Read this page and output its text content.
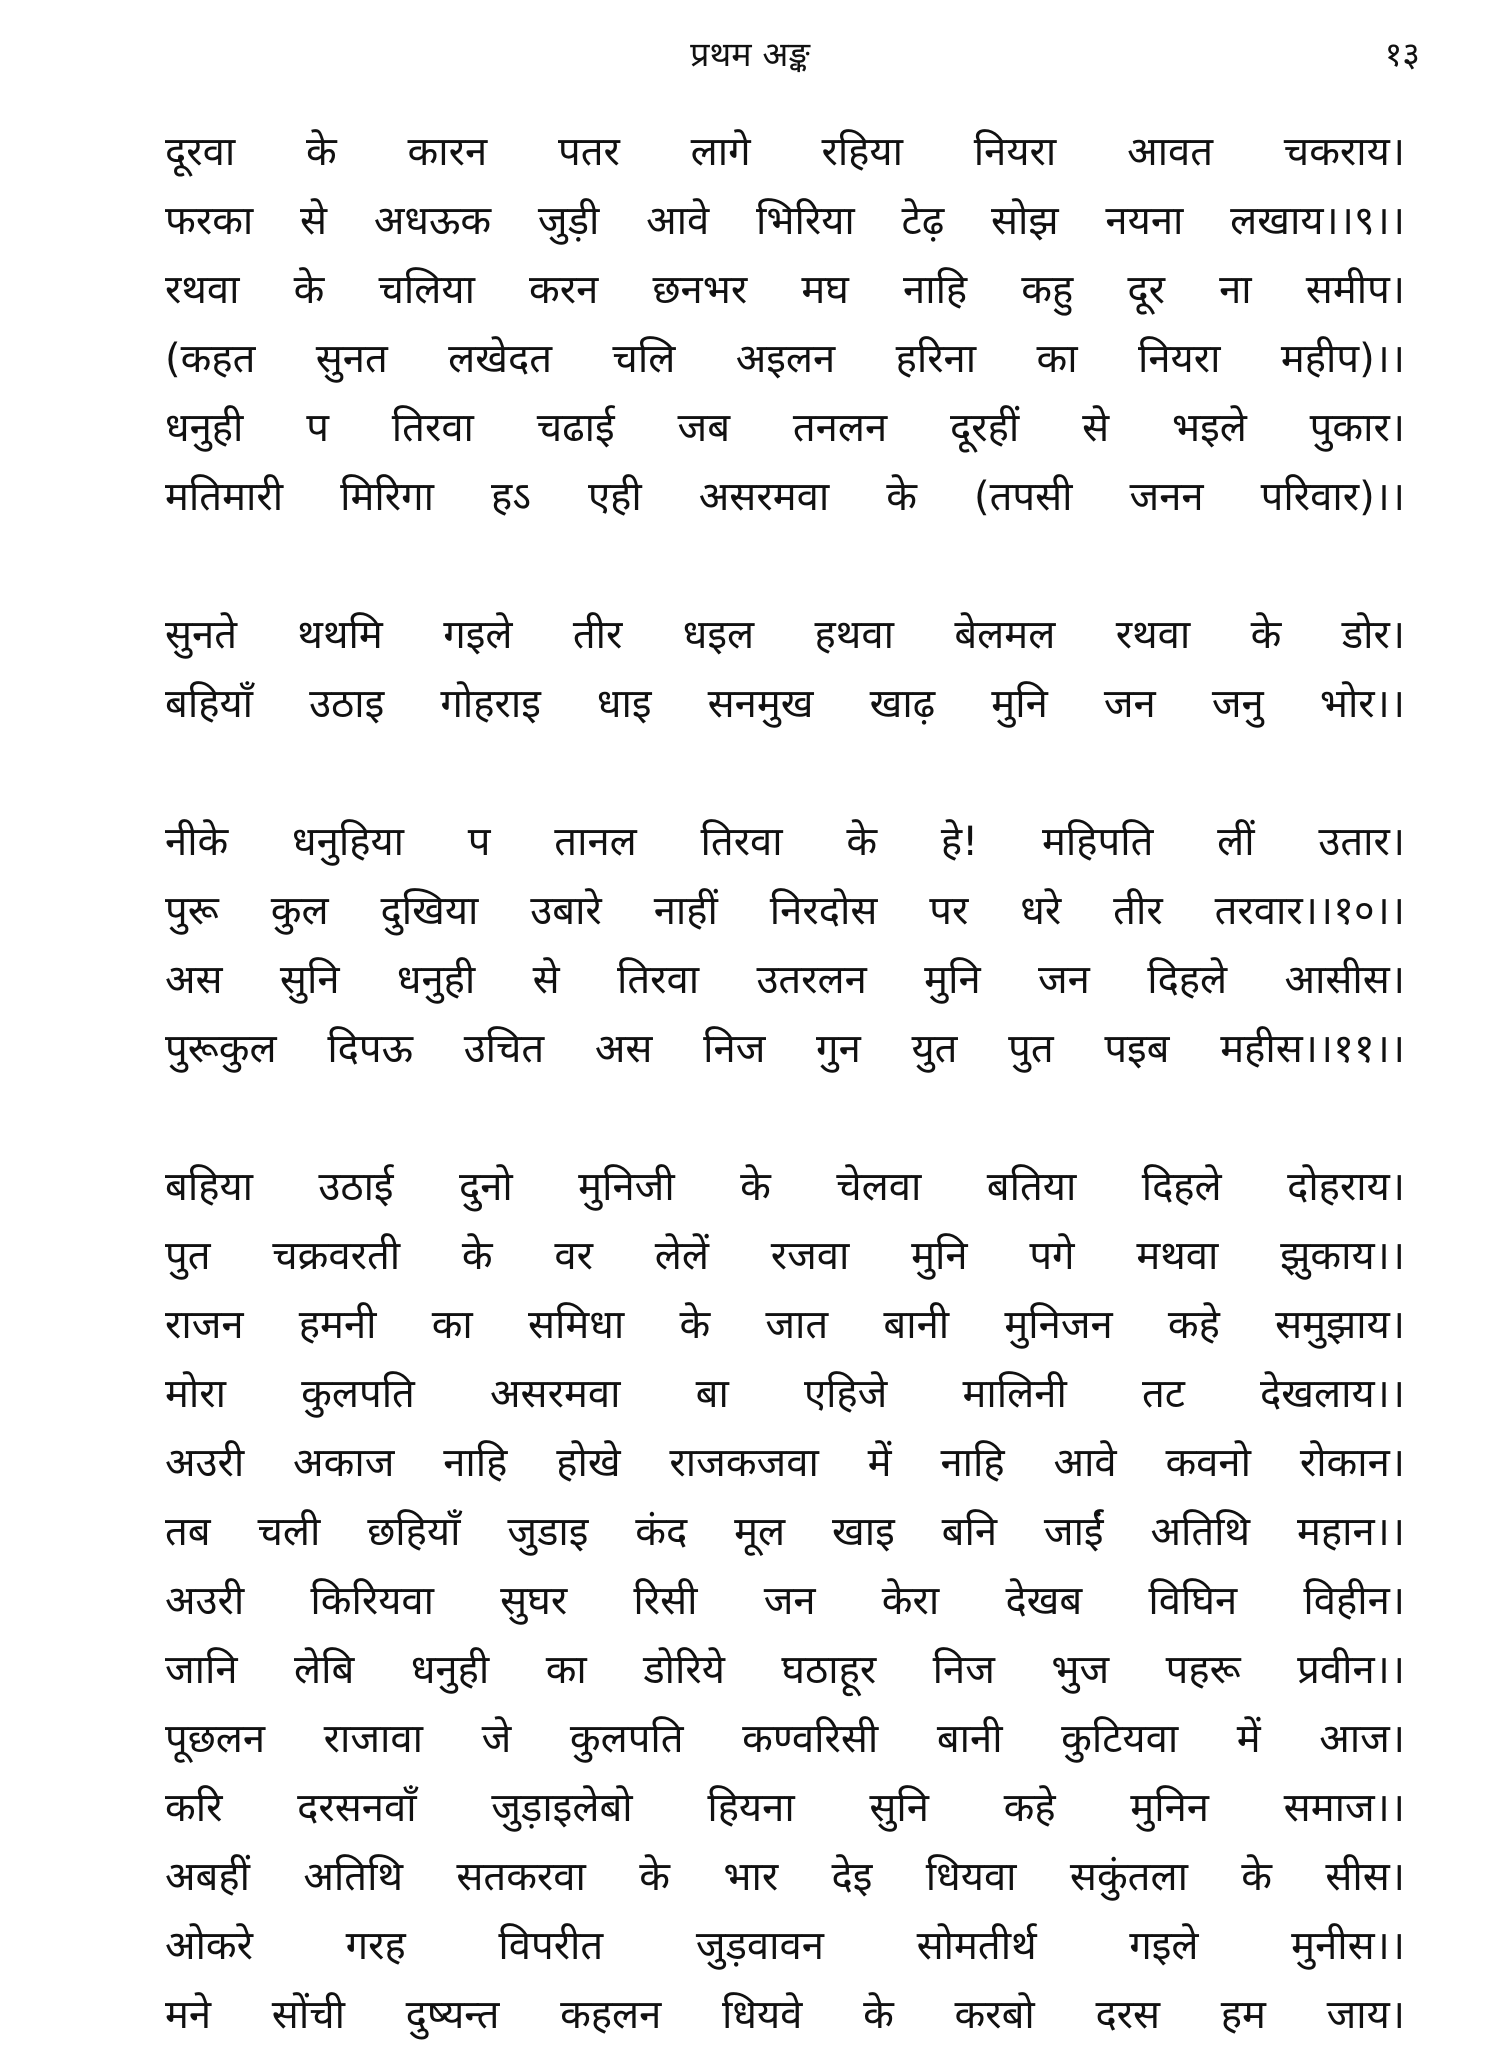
प्रथम अङ्क	१३
दूरवा के कारन पतर लागे रहिया नियरा आवत चकराय।
फरका से अधऊक जुड़ी आवे भिरिया टेढ़ सोझ नयना लखाय।।९।।
रथवा के चलिया करन छनभर मघ नाहि कहु दूर ना समीप।
(कहत सुनत लखेदत चलि अइलन हरिना का नियरा महीप)।।
धनुही प तिरवा चढाई जब तनलन दूरहीं से भइले पुकार।
मतिमारी मिरिगा हऽ एही असरमवा के (तपसी जनन परिवार)।।
सुनते थथमि गइले तीर धइल हथवा बेलमल रथवा के डोर।
बहियाँ उठाइ गोहराइ धाइ सनमुख खाढ़ मुनि जन जनु भोर।।
नीके धनुहिया प तानल तिरवा के हे! महिपति लीं उतार।
पुरू कुल दुखिया उबारे नाहीं निरदोस पर धरे तीर तरवार।।१०।।
अस सुनि धनुही से तिरवा उतरलन मुनि जन दिहले आसीस।
पुरूकुल दिपऊ उचित अस निज गुन युत पुत पइब महीस।।११।।
बहिया उठाई दुनो मुनिजी के चेलवा बतिया दिहले दोहराय।
पुत चक्रवरती के वर लेलें रजवा मुनि पगे मथवा झुकाय।।
राजन हमनी का समिधा के जात बानी मुनिजन कहे समुझाय।
मोरा कुलपति असरमवा बा एहिजे मालिनी तट देखलाय।।
अउरी अकाज नाहि होखे राजकजवा में नाहि आवे कवनो रोकान।
तब चली छहियाँ जुडाइ कंद मूल खाइ बनि जाईं अतिथि महान।।
अउरी किरियवा सुघर रिसी जन केरा देखब विघिन विहीन।
जानि लेबि धनुही का डोरिये घठाहूर निज भुज पहरू प्रवीन।।
पूछलन राजावा जे कुलपति कण्वरिसी बानी कुटियवा में आज।
करि दरसनवाँ जुड़ाइलेबो हियना सुनि कहे मुनिन समाज।।
अबहीं अतिथि सतकरवा के भार देइ धियवा सकुंतला के सीस।
ओकरे गरह विपरीत जुड़वावन सोमतीर्थ गइले मुनीस।।
मने सोंची दुष्यन्त कहलन धियवे के करबो दरस हम जाय।
